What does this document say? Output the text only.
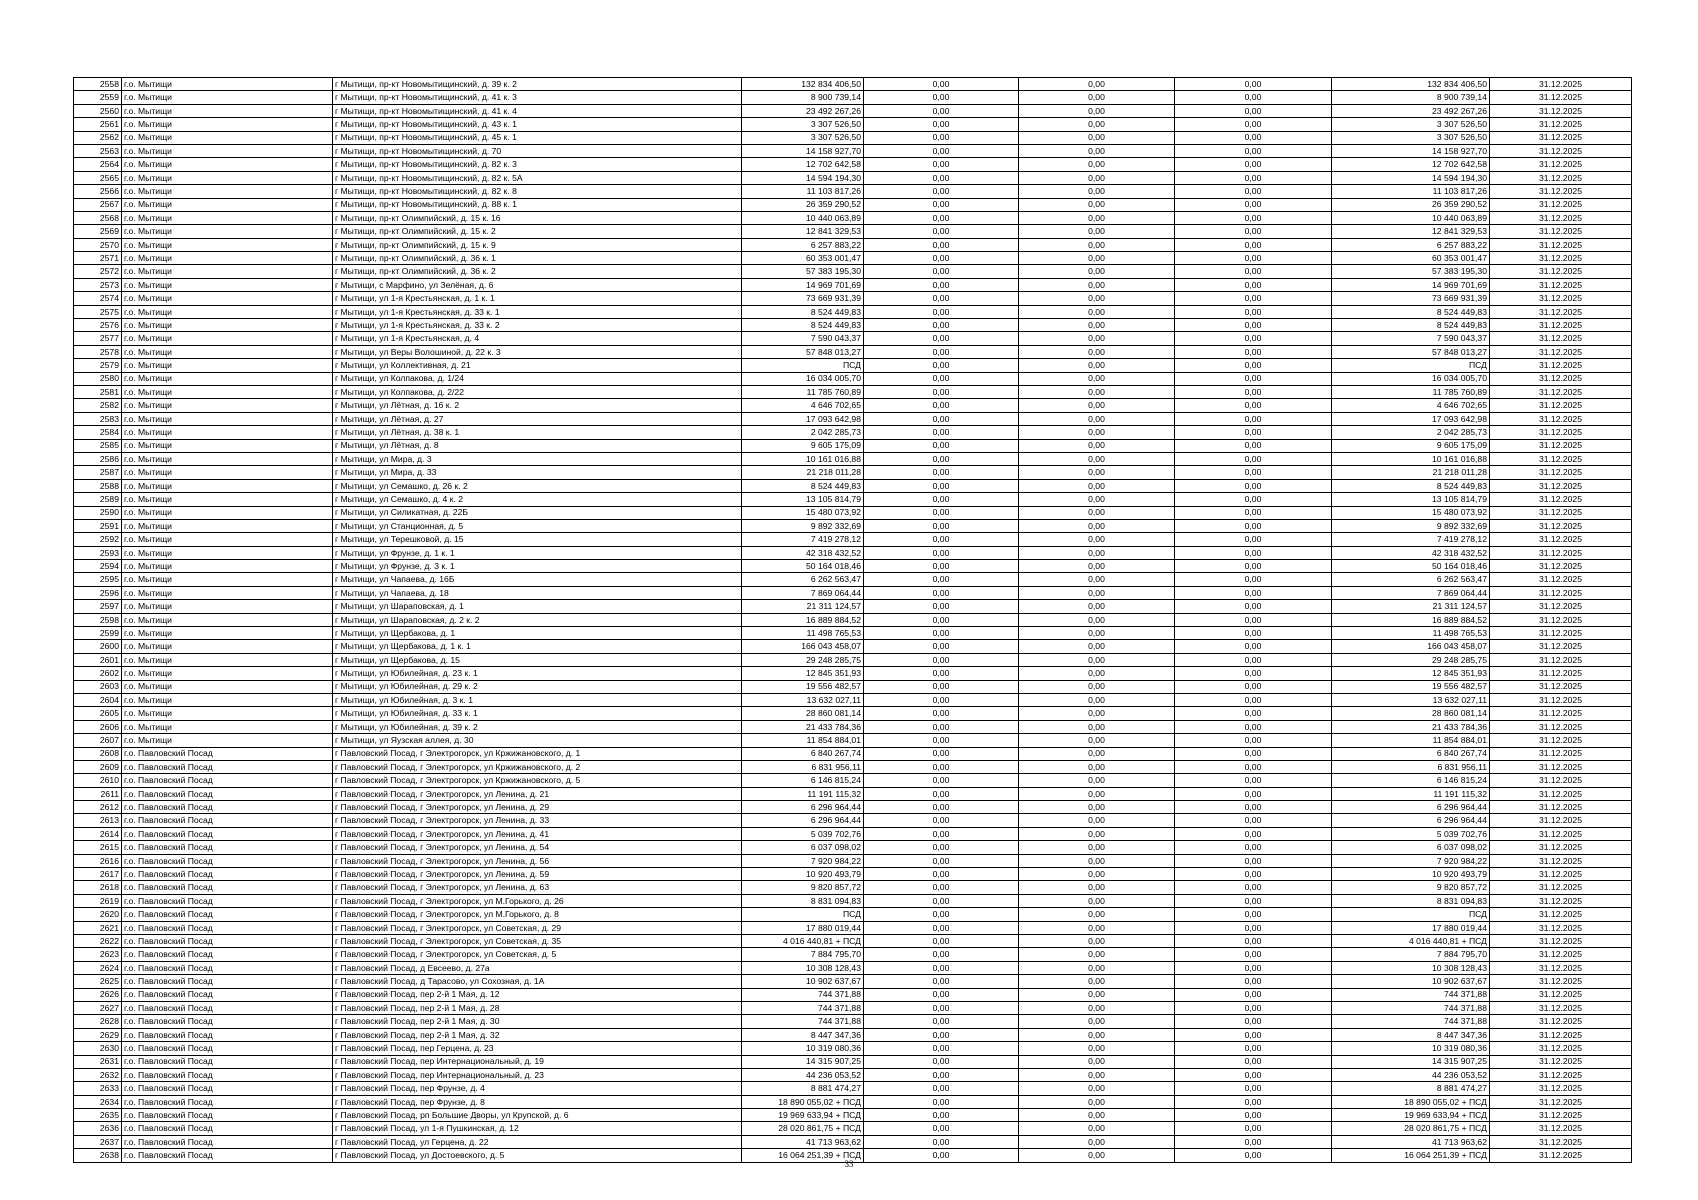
2558	г.о. Мытищи	г Мытищи, пр-кт Новомытищинский, д. 39 к. 2	132 834 406,50	0,00	0,00	0,00	132 834 406,50	31.12.2025
2559	г.о. Мытищи	г Мытищи, пр-кт Новомытищинский, д. 41 к. 3	8 900 739,14	0,00	0,00	0,00	8 900 739,14	31.12.2025
2560	г.о. Мытищи	г Мытищи, пр-кт Новомытищинский, д. 41 к. 4	23 492 267,26	0,00	0,00	0,00	23 492 267,26	31.12.2025
2561	г.о. Мытищи	г Мытищи, пр-кт Новомытищинский, д. 43 к. 1	3 307 526,50	0,00	0,00	0,00	3 307 526,50	31.12.2025
2562	г.о. Мытищи	г Мытищи, пр-кт Новомытищинский, д. 45 к. 1	3 307 526,50	0,00	0,00	0,00	3 307 526,50	31.12.2025
2563	г.о. Мытищи	г Мытищи, пр-кт Новомытищинский, д. 70	14 158 927,70	0,00	0,00	0,00	14 158 927,70	31.12.2025
2564	г.о. Мытищи	г Мытищи, пр-кт Новомытищинский, д. 82 к. 3	12 702 642,58	0,00	0,00	0,00	12 702 642,58	31.12.2025
2565	г.о. Мытищи	г Мытищи, пр-кт Новомытищинский, д. 82 к. 5А	14 594 194,30	0,00	0,00	0,00	14 594 194,30	31.12.2025
2566	г.о. Мытищи	г Мытищи, пр-кт Новомытищинский, д. 82 к. 8	11 103 817,26	0,00	0,00	0,00	11 103 817,26	31.12.2025
2567	г.о. Мытищи	г Мытищи, пр-кт Новомытищинский, д. 88 к. 1	26 359 290,52	0,00	0,00	0,00	26 359 290,52	31.12.2025
2568	г.о. Мытищи	г Мытищи, пр-кт Олимпийский, д. 15 к. 16	10 440 063,89	0,00	0,00	0,00	10 440 063,89	31.12.2025
2569	г.о. Мытищи	г Мытищи, пр-кт Олимпийский, д. 15 к. 2	12 841 329,53	0,00	0,00	0,00	12 841 329,53	31.12.2025
2570	г.о. Мытищи	г Мытищи, пр-кт Олимпийский, д. 15 к. 9	6 257 883,22	0,00	0,00	0,00	6 257 883,22	31.12.2025
2571	г.о. Мытищи	г Мытищи, пр-кт Олимпийский, д. 36 к. 1	60 353 001,47	0,00	0,00	0,00	60 353 001,47	31.12.2025
2572	г.о. Мытищи	г Мытищи, пр-кт Олимпийский, д. 36 к. 2	57 383 195,30	0,00	0,00	0,00	57 383 195,30	31.12.2025
2573	г.о. Мытищи	г Мытищи, с Марфино, ул Зелёная, д. 6	14 969 701,69	0,00	0,00	0,00	14 969 701,69	31.12.2025
2574	г.о. Мытищи	г Мытищи, ул 1-я Крестьянская, д. 1 к. 1	73 669 931,39	0,00	0,00	0,00	73 669 931,39	31.12.2025
2575	г.о. Мытищи	г Мытищи, ул 1-я Крестьянская, д. 33 к. 1	8 524 449,83	0,00	0,00	0,00	8 524 449,83	31.12.2025
2576	г.о. Мытищи	г Мытищи, ул 1-я Крестьянская, д. 33 к. 2	8 524 449,83	0,00	0,00	0,00	8 524 449,83	31.12.2025
2577	г.о. Мытищи	г Мытищи, ул 1-я Крестьянская, д. 4	7 590 043,37	0,00	0,00	0,00	7 590 043,37	31.12.2025
2578	г.о. Мытищи	г Мытищи, ул Веры Волошиной, д. 22 к. 3	57 848 013,27	0,00	0,00	0,00	57 848 013,27	31.12.2025
2579	г.о. Мытищи	г Мытищи, ул Коллективная, д. 21	ПСД	0,00	0,00	0,00	ПСД	31.12.2025
2580	г.о. Мытищи	г Мытищи, ул Колпакова, д. 1/24	16 034 005,70	0,00	0,00	0,00	16 034 005,70	31.12.2025
2581	г.о. Мытищи	г Мытищи, ул Колпакова, д. 2/22	11 785 760,89	0,00	0,00	0,00	11 785 760,89	31.12.2025
2582	г.о. Мытищи	г Мытищи, ул Лётная, д. 16 к. 2	4 646 702,65	0,00	0,00	0,00	4 646 702,65	31.12.2025
2583	г.о. Мытищи	г Мытищи, ул Лётная, д. 27	17 093 642,98	0,00	0,00	0,00	17 093 642,98	31.12.2025
2584	г.о. Мытищи	г Мытищи, ул Лётная, д. 38 к. 1	2 042 285,73	0,00	0,00	0,00	2 042 285,73	31.12.2025
2585	г.о. Мытищи	г Мытищи, ул Лётная, д. 8	9 605 175,09	0,00	0,00	0,00	9 605 175,09	31.12.2025
2586	г.о. Мытищи	г Мытищи, ул Мира, д. 3	10 161 016,88	0,00	0,00	0,00	10 161 016,88	31.12.2025
2587	г.о. Мытищи	г Мытищи, ул Мира, д. 33	21 218 011,28	0,00	0,00	0,00	21 218 011,28	31.12.2025
2588	г.о. Мытищи	г Мытищи, ул Семашко, д. 26 к. 2	8 524 449,83	0,00	0,00	0,00	8 524 449,83	31.12.2025
2589	г.о. Мытищи	г Мытищи, ул Семашко, д. 4 к. 2	13 105 814,79	0,00	0,00	0,00	13 105 814,79	31.12.2025
2590	г.о. Мытищи	г Мытищи, ул Силикатная, д. 22Б	15 480 073,92	0,00	0,00	0,00	15 480 073,92	31.12.2025
2591	г.о. Мытищи	г Мытищи, ул Станционная, д. 5	9 892 332,69	0,00	0,00	0,00	9 892 332,69	31.12.2025
2592	г.о. Мытищи	г Мытищи, ул Терешковой, д. 15	7 419 278,12	0,00	0,00	0,00	7 419 278,12	31.12.2025
2593	г.о. Мытищи	г Мытищи, ул Фрунзе, д. 1 к. 1	42 318 432,52	0,00	0,00	0,00	42 318 432,52	31.12.2025
2594	г.о. Мытищи	г Мытищи, ул Фрунзе, д. 3 к. 1	50 164 018,46	0,00	0,00	0,00	50 164 018,46	31.12.2025
2595	г.о. Мытищи	г Мытищи, ул Чапаева, д. 16Б	6 262 563,47	0,00	0,00	0,00	6 262 563,47	31.12.2025
2596	г.о. Мытищи	г Мытищи, ул Чапаева, д. 18	7 869 064,44	0,00	0,00	0,00	7 869 064,44	31.12.2025
2597	г.о. Мытищи	г Мытищи, ул Шараповская, д. 1	21 311 124,57	0,00	0,00	0,00	21 311 124,57	31.12.2025
2598	г.о. Мытищи	г Мытищи, ул Шараповская, д. 2 к. 2	16 889 884,52	0,00	0,00	0,00	16 889 884,52	31.12.2025
2599	г.о. Мытищи	г Мытищи, ул Щербакова, д. 1	11 498 765,53	0,00	0,00	0,00	11 498 765,53	31.12.2025
2600	г.о. Мытищи	г Мытищи, ул Щербакова, д. 1 к. 1	166 043 458,07	0,00	0,00	0,00	166 043 458,07	31.12.2025
2601	г.о. Мытищи	г Мытищи, ул Щербакова, д. 15	29 248 285,75	0,00	0,00	0,00	29 248 285,75	31.12.2025
2602	г.о. Мытищи	г Мытищи, ул Юбилейная, д. 23 к. 1	12 845 351,93	0,00	0,00	0,00	12 845 351,93	31.12.2025
2603	г.о. Мытищи	г Мытищи, ул Юбилейная, д. 29 к. 2	19 556 482,57	0,00	0,00	0,00	19 556 482,57	31.12.2025
2604	г.о. Мытищи	г Мытищи, ул Юбилейная, д. 3 к. 1	13 632 027,11	0,00	0,00	0,00	13 632 027,11	31.12.2025
2605	г.о. Мытищи	г Мытищи, ул Юбилейная, д. 33 к. 1	28 860 081,14	0,00	0,00	0,00	28 860 081,14	31.12.2025
2606	г.о. Мытищи	г Мытищи, ул Юбилейная, д. 39 к. 2	21 433 784,36	0,00	0,00	0,00	21 433 784,36	31.12.2025
2607	г.о. Мытищи	г Мытищи, ул Яузская аллея, д. 30	11 854 884,01	0,00	0,00	0,00	11 854 884,01	31.12.2025
2608	г.о. Павловский Посад	г Павловский Посад, г Электрогорск, ул Кржижановского, д. 1	6 840 267,74	0,00	0,00	0,00	6 840 267,74	31.12.2025
2609	г.о. Павловский Посад	г Павловский Посад, г Электрогорск, ул Кржижановского, д. 2	6 831 956,11	0,00	0,00	0,00	6 831 956,11	31.12.2025
2610	г.о. Павловский Посад	г Павловский Посад, г Электрогорск, ул Кржижановского, д. 5	6 146 815,24	0,00	0,00	0,00	6 146 815,24	31.12.2025
2611	г.о. Павловский Посад	г Павловский Посад, г Электрогорск, ул Ленина, д. 21	11 191 115,32	0,00	0,00	0,00	11 191 115,32	31.12.2025
2612	г.о. Павловский Посад	г Павловский Посад, г Электрогорск, ул Ленина, д. 29	6 296 964,44	0,00	0,00	0,00	6 296 964,44	31.12.2025
2613	г.о. Павловский Посад	г Павловский Посад, г Электрогорск, ул Ленина, д. 33	6 296 964,44	0,00	0,00	0,00	6 296 964,44	31.12.2025
2614	г.о. Павловский Посад	г Павловский Посад, г Электрогорск, ул Ленина, д. 41	5 039 702,76	0,00	0,00	0,00	5 039 702,76	31.12.2025
2615	г.о. Павловский Посад	г Павловский Посад, г Электрогорск, ул Ленина, д. 54	6 037 098,02	0,00	0,00	0,00	6 037 098,02	31.12.2025
2616	г.о. Павловский Посад	г Павловский Посад, г Электрогорск, ул Ленина, д. 56	7 920 984,22	0,00	0,00	0,00	7 920 984,22	31.12.2025
2617	г.о. Павловский Посад	г Павловский Посад, г Электрогорск, ул Ленина, д. 59	10 920 493,79	0,00	0,00	0,00	10 920 493,79	31.12.2025
2618	г.о. Павловский Посад	г Павловский Посад, г Электрогорск, ул Ленина, д. 63	9 820 857,72	0,00	0,00	0,00	9 820 857,72	31.12.2025
2619	г.о. Павловский Посад	г Павловский Посад, г Электрогорск, ул М.Горького, д. 26	8 831 094,83	0,00	0,00	0,00	8 831 094,83	31.12.2025
2620	г.о. Павловский Посад	г Павловский Посад, г Электрогорск, ул М.Горького, д. 8	ПСД	0,00	0,00	0,00	ПСД	31.12.2025
2621	г.о. Павловский Посад	г Павловский Посад, г Электрогорск, ул Советская, д. 29	17 880 019,44	0,00	0,00	0,00	17 880 019,44	31.12.2025
2622	г.о. Павловский Посад	г Павловский Посад, г Электрогорск, ул Советская, д. 35	4 016 440,81 + ПСД	0,00	0,00	0,00	4 016 440,81 + ПСД	31.12.2025
2623	г.о. Павловский Посад	г Павловский Посад, г Электрогорск, ул Советская, д. 5	7 884 795,70	0,00	0,00	0,00	7 884 795,70	31.12.2025
2624	г.о. Павловский Посад	г Павловский Посад, д Евсеево, д. 27а	10 308 128,43	0,00	0,00	0,00	10 308 128,43	31.12.2025
2625	г.о. Павловский Посад	г Павловский Посад, д Тарасово, ул Сохозная, д. 1А	10 902 637,67	0,00	0,00	0,00	10 902 637,67	31.12.2025
2626	г.о. Павловский Посад	г Павловский Посад, пер 2-й 1 Мая, д. 12	744 371,88	0,00	0,00	0,00	744 371,88	31.12.2025
2627	г.о. Павловский Посад	г Павловский Посад, пер 2-й 1 Мая, д. 28	744 371,88	0,00	0,00	0,00	744 371,88	31.12.2025
2628	г.о. Павловский Посад	г Павловский Посад, пер 2-й 1 Мая, д. 30	744 371,88	0,00	0,00	0,00	744 371,88	31.12.2025
2629	г.о. Павловский Посад	г Павловский Посад, пер 2-й 1 Мая, д. 32	8 447 347,36	0,00	0,00	0,00	8 447 347,36	31.12.2025
2630	г.о. Павловский Посад	г Павловский Посад, пер Герцена, д. 23	10 319 080,36	0,00	0,00	0,00	10 319 080,36	31.12.2025
2631	г.о. Павловский Посад	г Павловский Посад, пер Интернациональный, д. 19	14 315 907,25	0,00	0,00	0,00	14 315 907,25	31.12.2025
2632	г.о. Павловский Посад	г Павловский Посад, пер Интернациональный, д. 23	44 236 053,52	0,00	0,00	0,00	44 236 053,52	31.12.2025
2633	г.о. Павловский Посад	г Павловский Посад, пер Фрунзе, д. 4	8 881 474,27	0,00	0,00	0,00	8 881 474,27	31.12.2025
2634	г.о. Павловский Посад	г Павловский Посад, пер Фрунзе, д. 8	18 890 055,02 + ПСД	0,00	0,00	0,00	18 890 055,02 + ПСД	31.12.2025
2635	г.о. Павловский Посад	г Павловский Посад, рп Большие Дворы, ул Крупской, д. 6	19 969 633,94 + ПСД	0,00	0,00	0,00	19 969 633,94 + ПСД	31.12.2025
2636	г.о. Павловский Посад	г Павловский Посад, ул 1-я Пушкинская, д. 12	28 020 861,75 + ПСД	0,00	0,00	0,00	28 020 861,75 + ПСД	31.12.2025
2637	г.о. Павловский Посад	г Павловский Посад, ул Герцена, д. 22	41 713 963,62	0,00	0,00	0,00	41 713 963,62	31.12.2025
2638	г.о. Павловский Посад	г Павловский Посад, ул Достоевского, д. 5	16 064 251,39 + ПСД	0,00	0,00	0,00	16 064 251,39 + ПСД	31.12.2025
33
